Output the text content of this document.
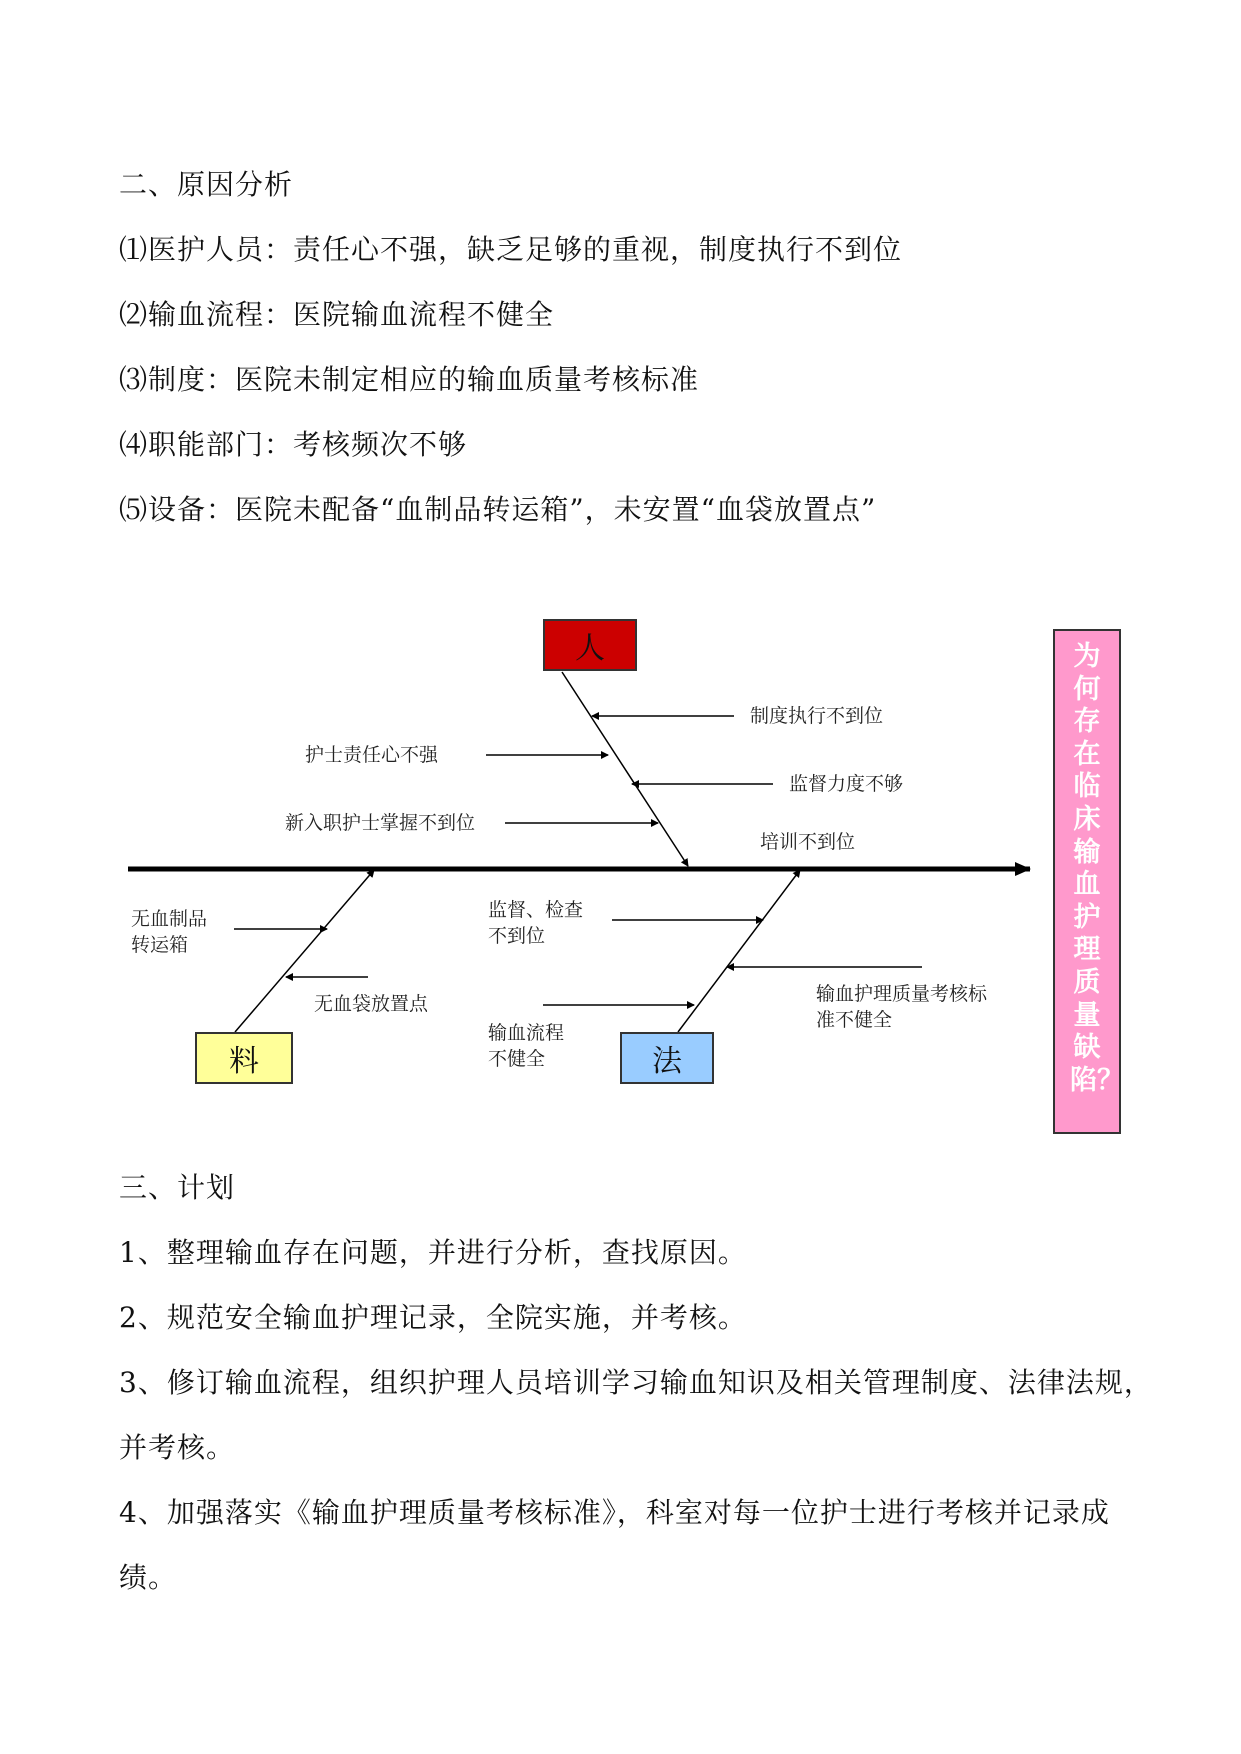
二、原因分析
⑴医护人员：责任心不强，缺乏足够的重视，制度执行不到位
⑵输血流程：医院输血流程不健全
⑶制度：医院未制定相应的输血质量考核标准
⑷职能部门：考核频次不够
⑸设备：医院未配备“血制品转运箱”，未安置“血袋放置点”
人
料	法
制度执行不到位
护士责任心不强
监督力度不够
新入职护士掌握不到位
培训不到位
无血制品
转运箱
无血袋放置点
监督、检查
不到位
输血护理质量考核标
准不健全
输血流程
不健全
为何存在临床输血护理质量缺陷？
三、计划
1、整理输血存在问题，并进行分析，查找原因。
2、规范安全输血护理记录，全院实施，并考核。
3、修订输血流程，组织护理人员培训学习输血知识及相关管理制度、法律法规，
并考核。
4、加强落实《输血护理质量考核标准》，科室对每一位护士进行考核并记录成
绩。
